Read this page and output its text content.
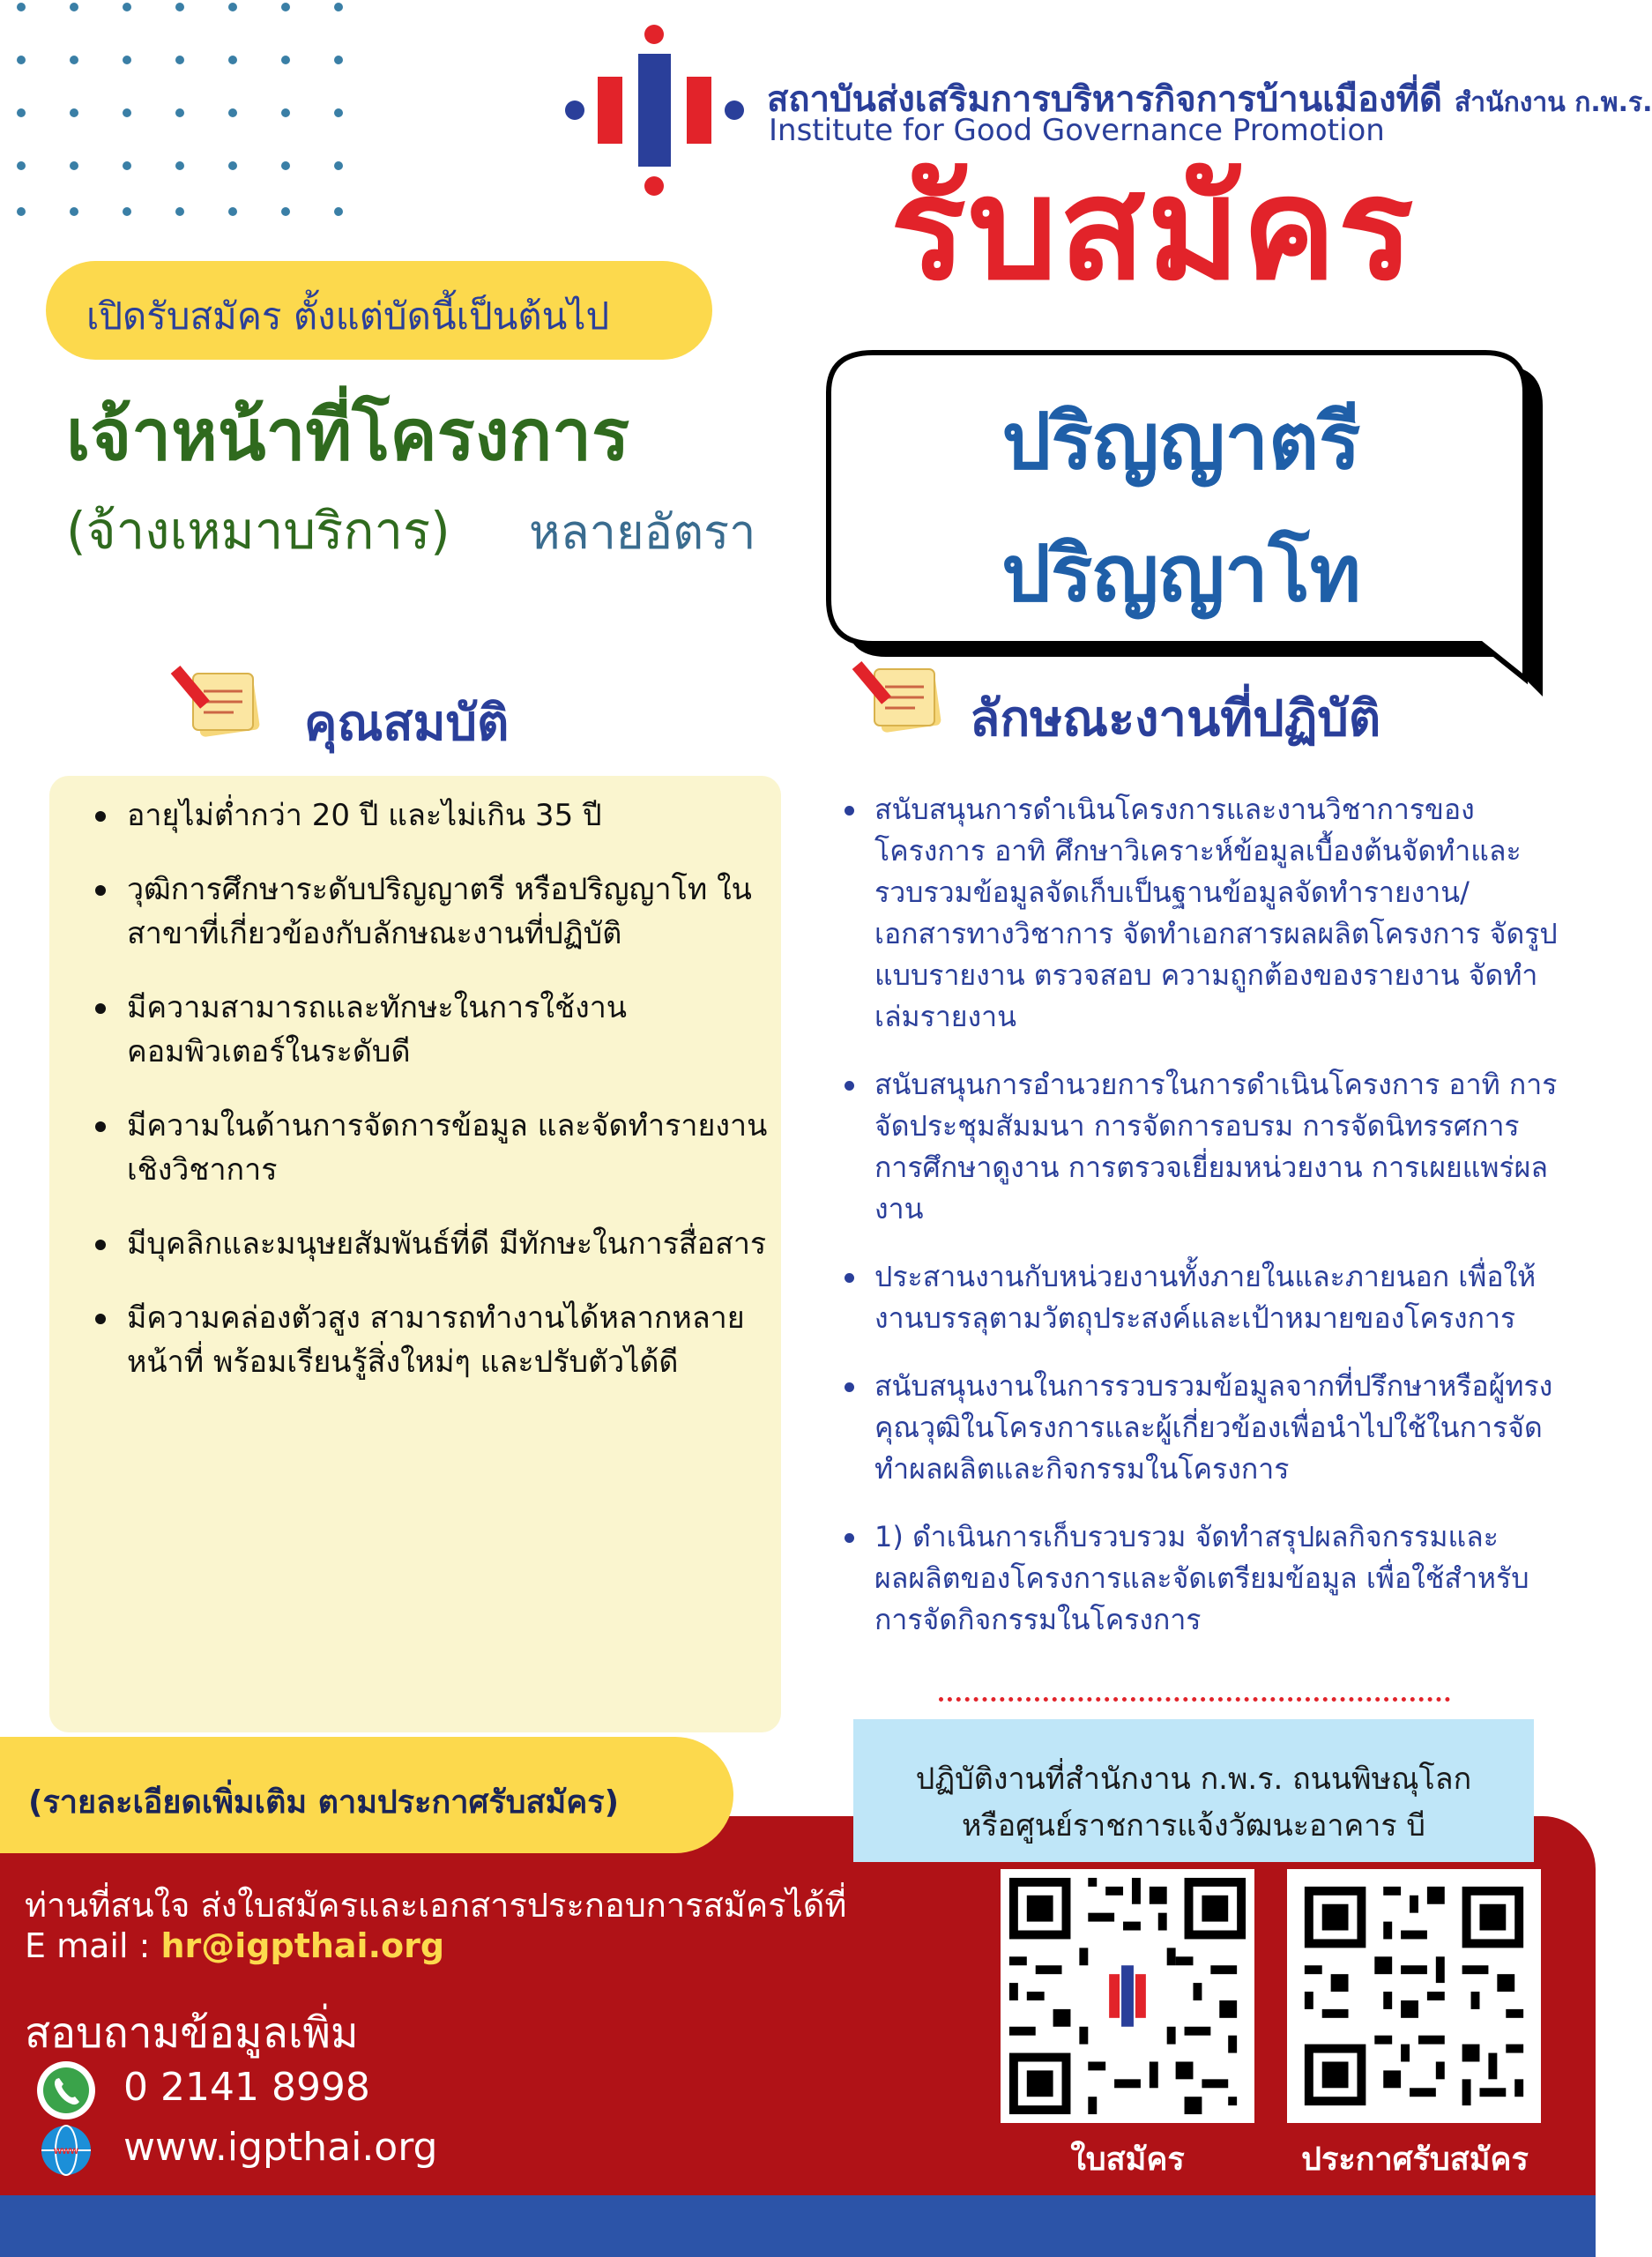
สถาบันส่งเสริมการบริหารกิจการบ้านเมืองที่ดี สำนักงาน ก.พ.ร.
Institute for Good Governance Promotion
รับสมัคร
เปิดรับสมัคร ตั้งแต่บัดนี้เป็นต้นไป
เจ้าหน้าที่โครงการ
(จ้างเหมาบริการ) หลายอัตรา
ปริญญาตรี
ปริญญาโท
คุณสมบัติ	ลักษณะงานที่ปฏิบัติ
อายุไม่ต่ำกว่า 20 ปี และไม่เกิน 35 ปี
วุฒิการศึกษาระดับปริญญาตรี หรือปริญญาโท ในสาขาที่เกี่ยวข้องกับลักษณะงานที่ปฏิบัติ
มีความสามารถและทักษะในการใช้งานคอมพิวเตอร์ในระดับดี
มีความในด้านการจัดการข้อมูล และจัดทำรายงานเชิงวิชาการ
มีบุคลิกและมนุษยสัมพันธ์ที่ดี มีทักษะในการสื่อสาร
มีความคล่องตัวสูง สามารถทำงานได้หลากหลายหน้าที่ พร้อมเรียนรู้สิ่งใหม่ๆ และปรับตัวได้ดี
สนับสนุนการดำเนินโครงการและงานวิชาการของโครงการ อาทิ ศึกษาวิเคราะห์ข้อมูลเบื้องต้นจัดทำและรวบรวมข้อมูลจัดเก็บเป็นฐานข้อมูลจัดทำรายงาน/เอกสารทางวิชาการ จัดทำเอกสารผลผลิตโครงการ จัดรูปแบบรายงาน ตรวจสอบ ความถูกต้องของรายงาน จัดทำเล่มรายงาน
สนับสนุนการอำนวยการในการดำเนินโครงการ อาทิ การจัดประชุมสัมมนา การจัดการอบรม การจัดนิทรรศการ การศึกษาดูงาน การตรวจเยี่ยมหน่วยงาน การเผยแพร่ผลงาน
ประสานงานกับหน่วยงานทั้งภายในและภายนอก เพื่อให้งานบรรลุตามวัตถุประสงค์และเป้าหมายของโครงการ
สนับสนุนงานในการรวบรวมข้อมูลจากที่ปรึกษาหรือผู้ทรงคุณวุฒิในโครงการและผู้เกี่ยวข้องเพื่อนำไปใช้ในการจัดทำผลผลิตและกิจกรรมในโครงการ
1) ดำเนินการเก็บรวบรวม จัดทำสรุปผลกิจกรรมและผลผลิตของโครงการและจัดเตรียมข้อมูล เพื่อใช้สำหรับการจัดกิจกรรมในโครงการ
(รายละเอียดเพิ่มเติม ตามประกาศรับสมัคร)
ปฏิบัติงานที่สำนักงาน ก.พ.ร. ถนนพิษณุโลก
หรือศูนย์ราชการแจ้งวัฒนะอาคาร บี
ท่านที่สนใจ ส่งใบสมัครและเอกสารประกอบการสมัครได้ที่
E mail : hr@igpthai.org
สอบถามข้อมูลเพิ่ม
0 2141 8998
www www.igpthai.org	ใบสมัคร	ประกาศรับสมัคร
